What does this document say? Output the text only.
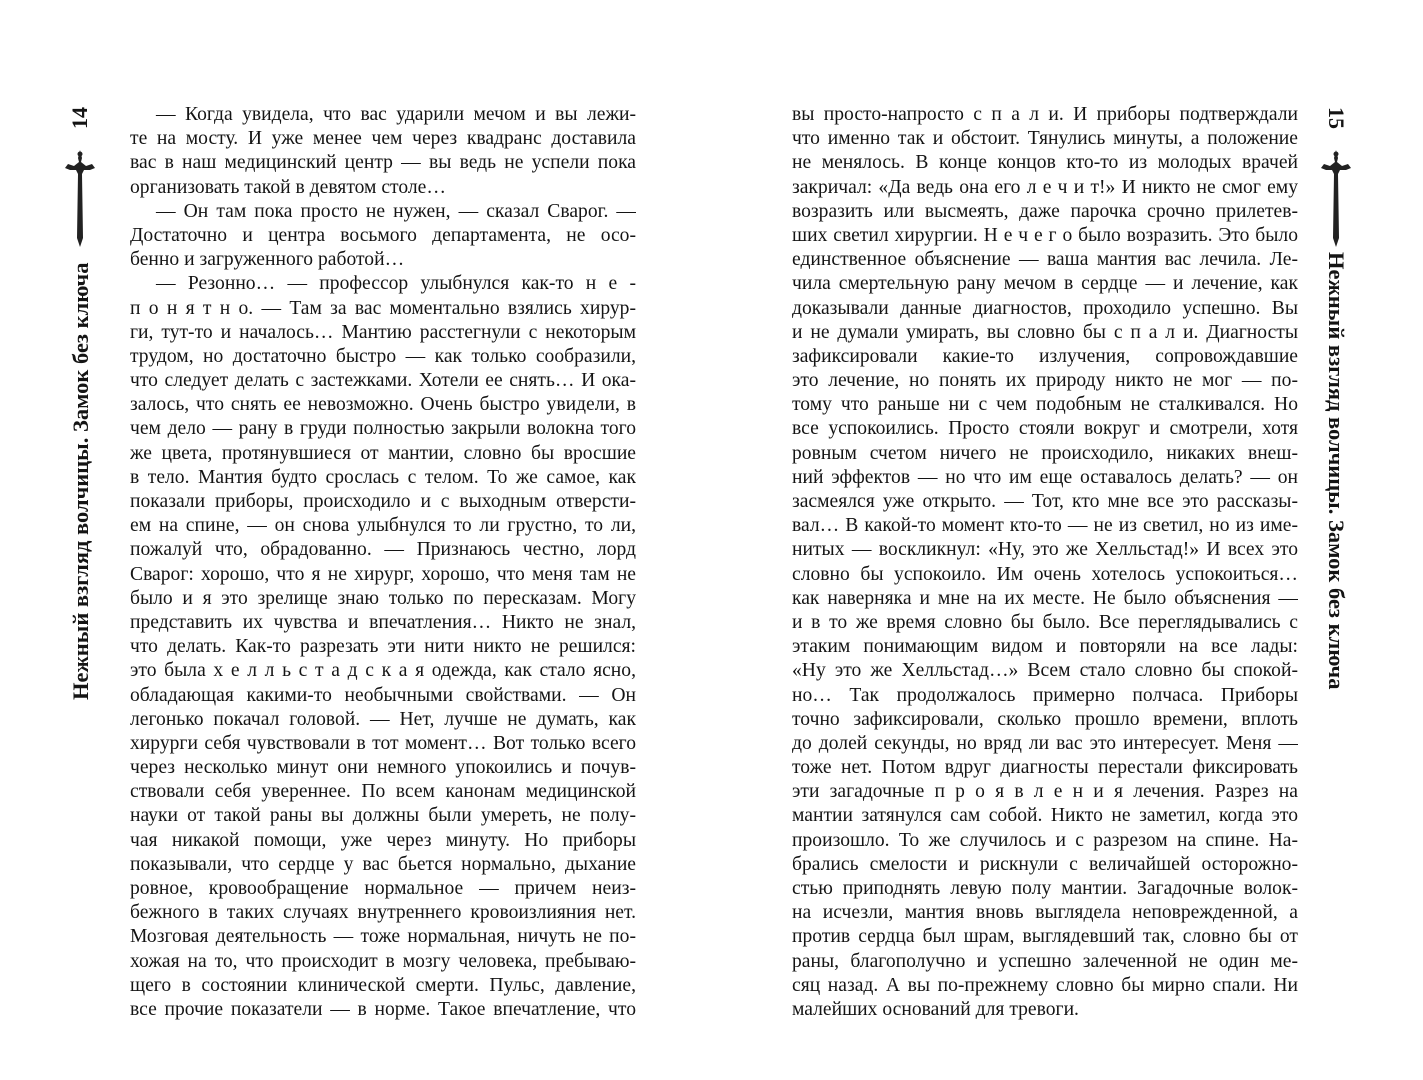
14
Нежный взгляд волчицы. Замок без ключа
— Когда увидела, что вас ударили мечом и вы лежи-
те на мосту. И уже менее чем через квадранс доставила
вас в наш медицинский центр — вы ведь не успели пока
организовать такой в девятом столе…
— Он там пока просто не нужен, — сказал Сварог. —
Достаточно и центра восьмого департамента, не осо-
бенно и загруженного работой…
— Резонно… — профессор улыбнулся как-то н е -
п о н я т н о. — Там за вас моментально взялись хирур-
ги, тут-то и началось… Мантию расстегнули с некоторым
трудом, но достаточно быстро — как только сообразили,
что следует делать с застежками. Хотели ее снять… И ока-
залось, что снять ее невозможно. Очень быстро увидели, в
чем дело — рану в груди полностью закрыли волокна того
же цвета, протянувшиеся от мантии, словно бы вросшие
в тело. Мантия будто срослась с телом. То же самое, как
показали приборы, происходило и с выходным отверсти-
ем на спине, — он снова улыбнулся то ли грустно, то ли,
пожалуй что, обрадованно. — Признаюсь честно, лорд
Сварог: хорошо, что я не хирург, хорошо, что меня там не
было и я это зрелище знаю только по пересказам. Могу
представить их чувства и впечатления… Никто не знал,
что делать. Как-то разрезать эти нити никто не решился:
это была х е л л ь с т а д с к а я одежда, как стало ясно,
обладающая какими-то необычными свойствами. — Он
легонько покачал головой. — Нет, лучше не думать, как
хирурги себя чувствовали в тот момент… Вот только всего
через несколько минут они немного упокоились и почув-
ствовали себя увереннее. По всем канонам медицинской
науки от такой раны вы должны были умереть, не полу-
чая никакой помощи, уже через минуту. Но приборы
показывали, что сердце у вас бьется нормально, дыхание
ровное, кровообращение нормальное — причем неиз-
бежного в таких случаях внутреннего кровоизлияния нет.
Мозговая деятельность — тоже нормальная, ничуть не по-
хожая на то, что происходит в мозгу человека, пребываю-
щего в состоянии клинической смерти. Пульс, давление,
все прочие показатели — в норме. Такое впечатление, что
вы просто-напросто с п а л и. И приборы подтверждали
что именно так и обстоит. Тянулись минуты, а положение
не менялось. В конце концов кто-то из молодых врачей
закричал: «Да ведь она его л е ч и т!» И никто не смог ему
возразить или высмеять, даже парочка срочно прилетев-
ших светил хирургии. Н е ч е г о было возразить. Это было
единственное объяснение — ваша мантия вас лечила. Ле-
чила смертельную рану мечом в сердце — и лечение, как
доказывали данные диагностов, проходило успешно. Вы
и не думали умирать, вы словно бы с п а л и. Диагносты
зафиксировали какие-то излучения, сопровождавшие
это лечение, но понять их природу никто не мог — по-
тому что раньше ни с чем подобным не сталкивался. Но
все успокоились. Просто стояли вокруг и смотрели, хотя
ровным счетом ничего не происходило, никаких внеш-
ний эффектов — но что им еще оставалось делать? — он
засмеялся уже открыто. — Тот, кто мне все это рассказы-
вал… В какой-то момент кто-то — не из светил, но из име-
нитых — воскликнул: «Ну, это же Хелльстад!» И всех это
словно бы успокоило. Им очень хотелось успокоиться…
как наверняка и мне на их месте. Не было объяснения —
и в то же время словно бы было. Все переглядывались с
этаким понимающим видом и повторяли на все лады:
«Ну это же Хелльстад…» Всем стало словно бы спокой-
но… Так продолжалось примерно полчаса. Приборы
точно зафиксировали, сколько прошло времени, вплоть
до долей секунды, но вряд ли вас это интересует. Меня —
тоже нет. Потом вдруг диагносты перестали фиксировать
эти загадочные п р о я в л е н и я лечения. Разрез на
мантии затянулся сам собой. Никто не заметил, когда это
произошло. То же случилось и с разрезом на спине. На-
брались смелости и рискнули с величайшей осторожно-
стью приподнять левую полу мантии. Загадочные волок-
на исчезли, мантия вновь выглядела неповрежденной, а
против сердца был шрам, выглядевший так, словно бы от
раны, благополучно и успешно залеченной не один ме-
сяц назад. А вы по-прежнему словно бы мирно спали. Ни
малейших оснований для тревоги.
15
Нежный взгляд волчицы. Замок без ключа
